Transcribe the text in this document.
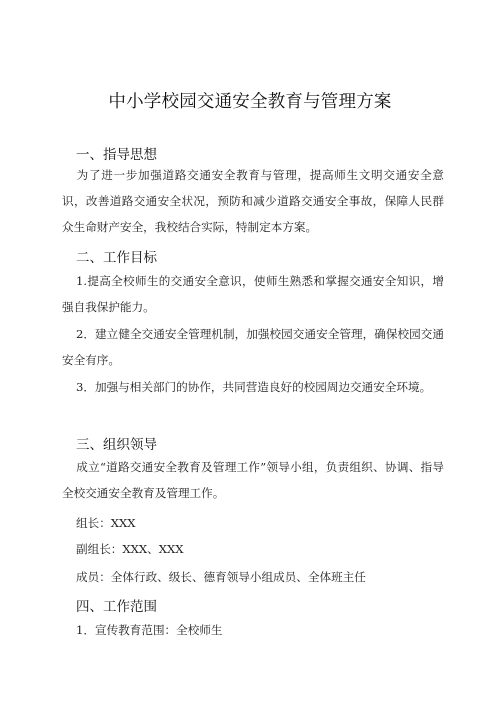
中小学校园交通安全教育与管理方案
一、指导思想
为了进一步加强道路交通安全教育与管理，提高师生文明交通安全意识，改善道路交通安全状况，预防和减少道路交通安全事故，保障人民群众生命财产安全，我校结合实际，特制定本方案。
二、工作目标
1.提高全校师生的交通安全意识，使师生熟悉和掌握交通安全知识，增强自我保护能力。
2．建立健全交通安全管理机制，加强校园交通安全管理，确保校园交通安全有序。
3．加强与相关部门的协作，共同营造良好的校园周边交通安全环境。
三、组织领导
成立“道路交通安全教育及管理工作”领导小组，负责组织、协调、指导全校交通安全教育及管理工作。
组长：XXX
副组长：XXX、XXX
成员：全体行政、级长、德育领导小组成员、全体班主任
四、工作范围
1．宣传教育范围：全校师生
